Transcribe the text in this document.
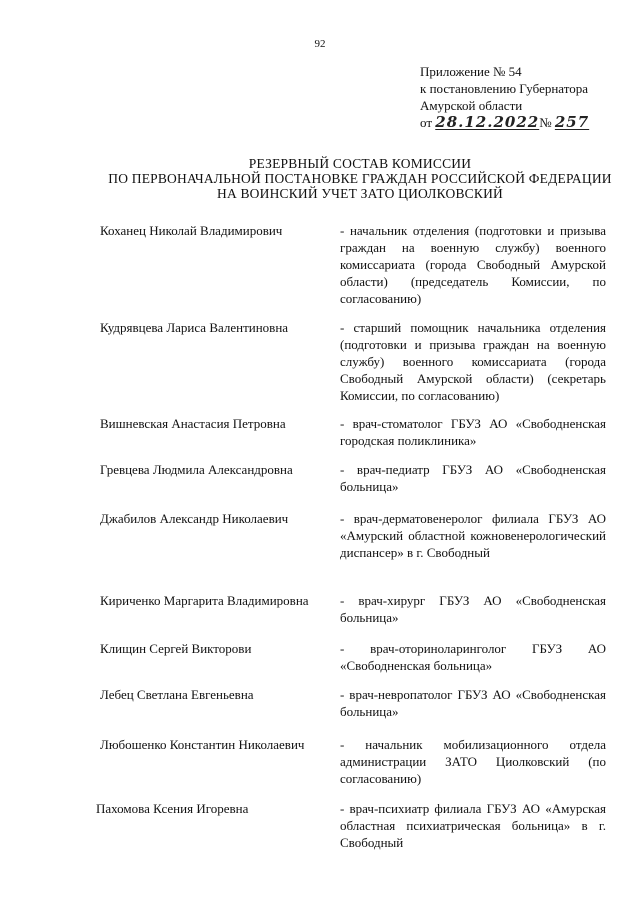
92
Приложение № 54
к постановлению Губернатора
Амурской области
от 28.12.2022№ 257
РЕЗЕРВНЫЙ СОСТАВ КОМИССИИ
ПО ПЕРВОНАЧАЛЬНОЙ ПОСТАНОВКЕ ГРАЖДАН РОССИЙСКОЙ ФЕДЕРАЦИИ
НА ВОИНСКИЙ УЧЕТ ЗАТО ЦИОЛКОВСКИЙ
Коханец Николай Владимирович	- начальник отделения (подготовки и призыва граждан на военную службу) военного комиссариата (города Свободный Амурской области) (председатель Комиссии, по согласованию)
Кудрявцева Лариса Валентиновна	- старший помощник начальника отделения (подготовки и призыва граждан на военную службу) военного комиссариата (города Свободный Амурской области) (секретарь Комиссии, по согласованию)
Вишневская Анастасия Петровна	- врач-стоматолог ГБУЗ АО «Свободненская городская поликлиника»
Гревцева Людмила Александровна	- врач-педиатр ГБУЗ АО «Свободненская больница»
Джабилов Александр Николаевич	- врач-дерматовенеролог филиала ГБУЗ АО «Амурский областной кожновенерологический диспансер» в г. Свободный
Кириченко Маргарита Владимировна - врач-хирург ГБУЗ АО «Свободненская больница»
Клищин Сергей Викторови	- врач-оториноларинголог ГБУЗ АО «Свободненская больница»
Лебец Светлана Евгеньевна	- врач-невропатолог ГБУЗ АО «Свободненская больница»
Любошенко Константин Николаевич	- начальник мобилизационного отдела администрации ЗАТО Циолковский (по согласованию)
Пахомова Ксения Игоревна	- врач-психиатр филиала ГБУЗ АО «Амурская областная психиатрическая больница» в г. Свободный
